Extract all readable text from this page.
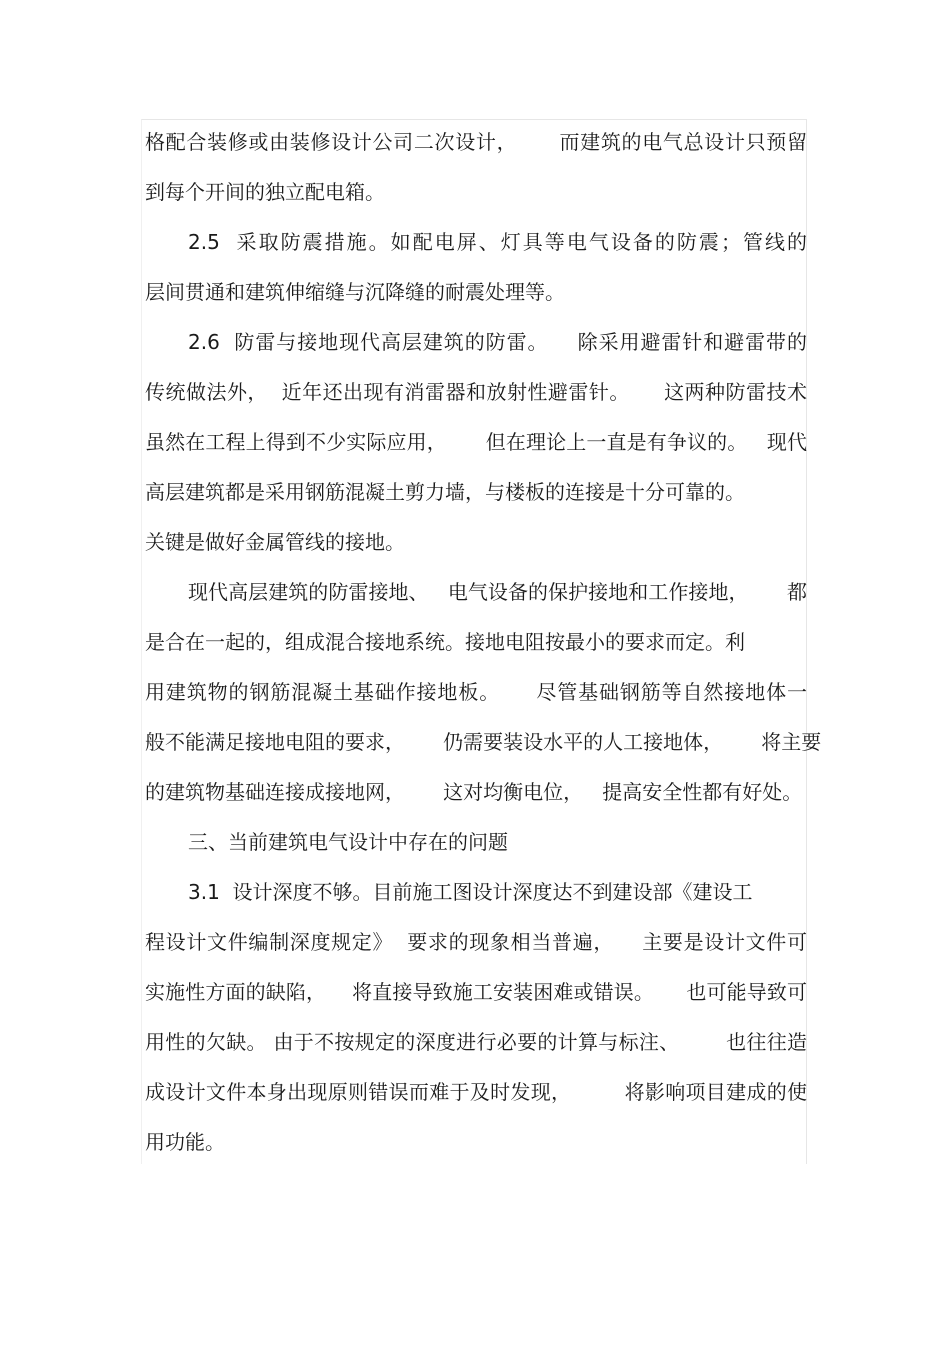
格配合装修或由装修设计公司二次设计，      而建筑的电气总设计只预留
到每个开间的独立配电箱。
2.5  采取防震措施。如配电屏、灯具等电气设备的防震；管线的
层间贯通和建筑伸缩缝与沉降缝的耐震处理等。
2.6  防雷与接地现代高层建筑的防雷。    除采用避雷针和避雷带的
传统做法外，  近年还出现有消雷器和放射性避雷针。     这两种防雷技术
虽然在工程上得到不少实际应用，      但在理论上一直是有争议的。   现代
高层建筑都是采用钢筋混凝土剪力墙，与楼板的连接是十分可靠的。
关键是做好金属管线的接地。
现代高层建筑的防雷接地、   电气设备的保护接地和工作接地，      都
是合在一起的，组成混合接地系统。接地电阻按最小的要求而定。利
用建筑物的钢筋混凝土基础作接地板。     尽管基础钢筋等自然接地体一
般不能满足接地电阻的要求，      仍需要装设水平的人工接地体，      将主要
的建筑物基础连接成接地网，      这对均衡电位，   提高安全性都有好处。
三、当前建筑电气设计中存在的问题
3.1  设计深度不够。目前施工图设计深度达不到建设部《建设工
程设计文件编制深度规定》  要求的现象相当普遍，    主要是设计文件可
实施性方面的缺陷，    将直接导致施工安装困难或错误。     也可能导致可
用性的欠缺。 由于不按规定的深度进行必要的计算与标注、       也往往造
成设计文件本身出现原则错误而难于及时发现，        将影响项目建成的使
用功能。
